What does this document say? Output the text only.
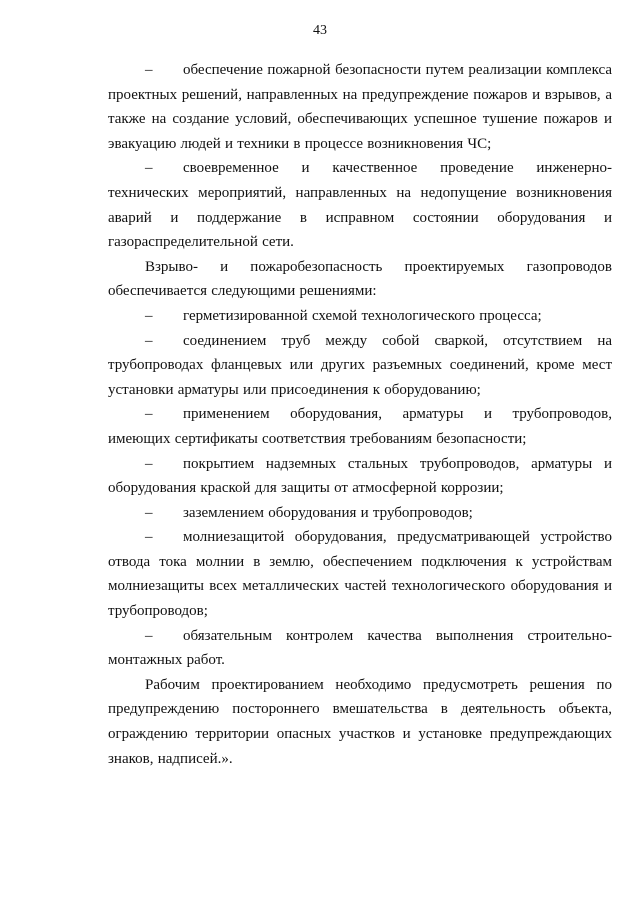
43

– обеспечение пожарной безопасности путем реализации комплекса проектных решений, направленных на предупреждение пожаров и взрывов, а также на создание условий, обеспечивающих успешное тушение пожаров и эвакуацию людей и техники в процессе возникновения ЧС;

– своевременное и качественное проведение инженерно-технических мероприятий, направленных на недопущение возникновения аварий и поддержание в исправном состоянии оборудования и газораспределительной сети.

Взрыво- и пожаробезопасность проектируемых газопроводов обеспечивается следующими решениями:

– герметизированной схемой технологического процесса;

– соединением труб между собой сваркой, отсутствием на трубопроводах фланцевых или других разъемных соединений, кроме мест установки арматуры или присоединения к оборудованию;

– применением оборудования, арматуры и трубопроводов, имеющих сертификаты соответствия требованиям безопасности;

– покрытием надземных стальных трубопроводов, арматуры и оборудования краской для защиты от атмосферной коррозии;

– заземлением оборудования и трубопроводов;

– молниезащитой оборудования, предусматривающей устройство отвода тока молнии в землю, обеспечением подключения к устройствам молниезащиты всех металлических частей технологического оборудования и трубопроводов;

– обязательным контролем качества выполнения строительно-монтажных работ.

Рабочим проектированием необходимо предусмотреть решения по предупреждению постороннего вмешательства в деятельность объекта, ограждению территории опасных участков и установке предупреждающих знаков, надписей.».
